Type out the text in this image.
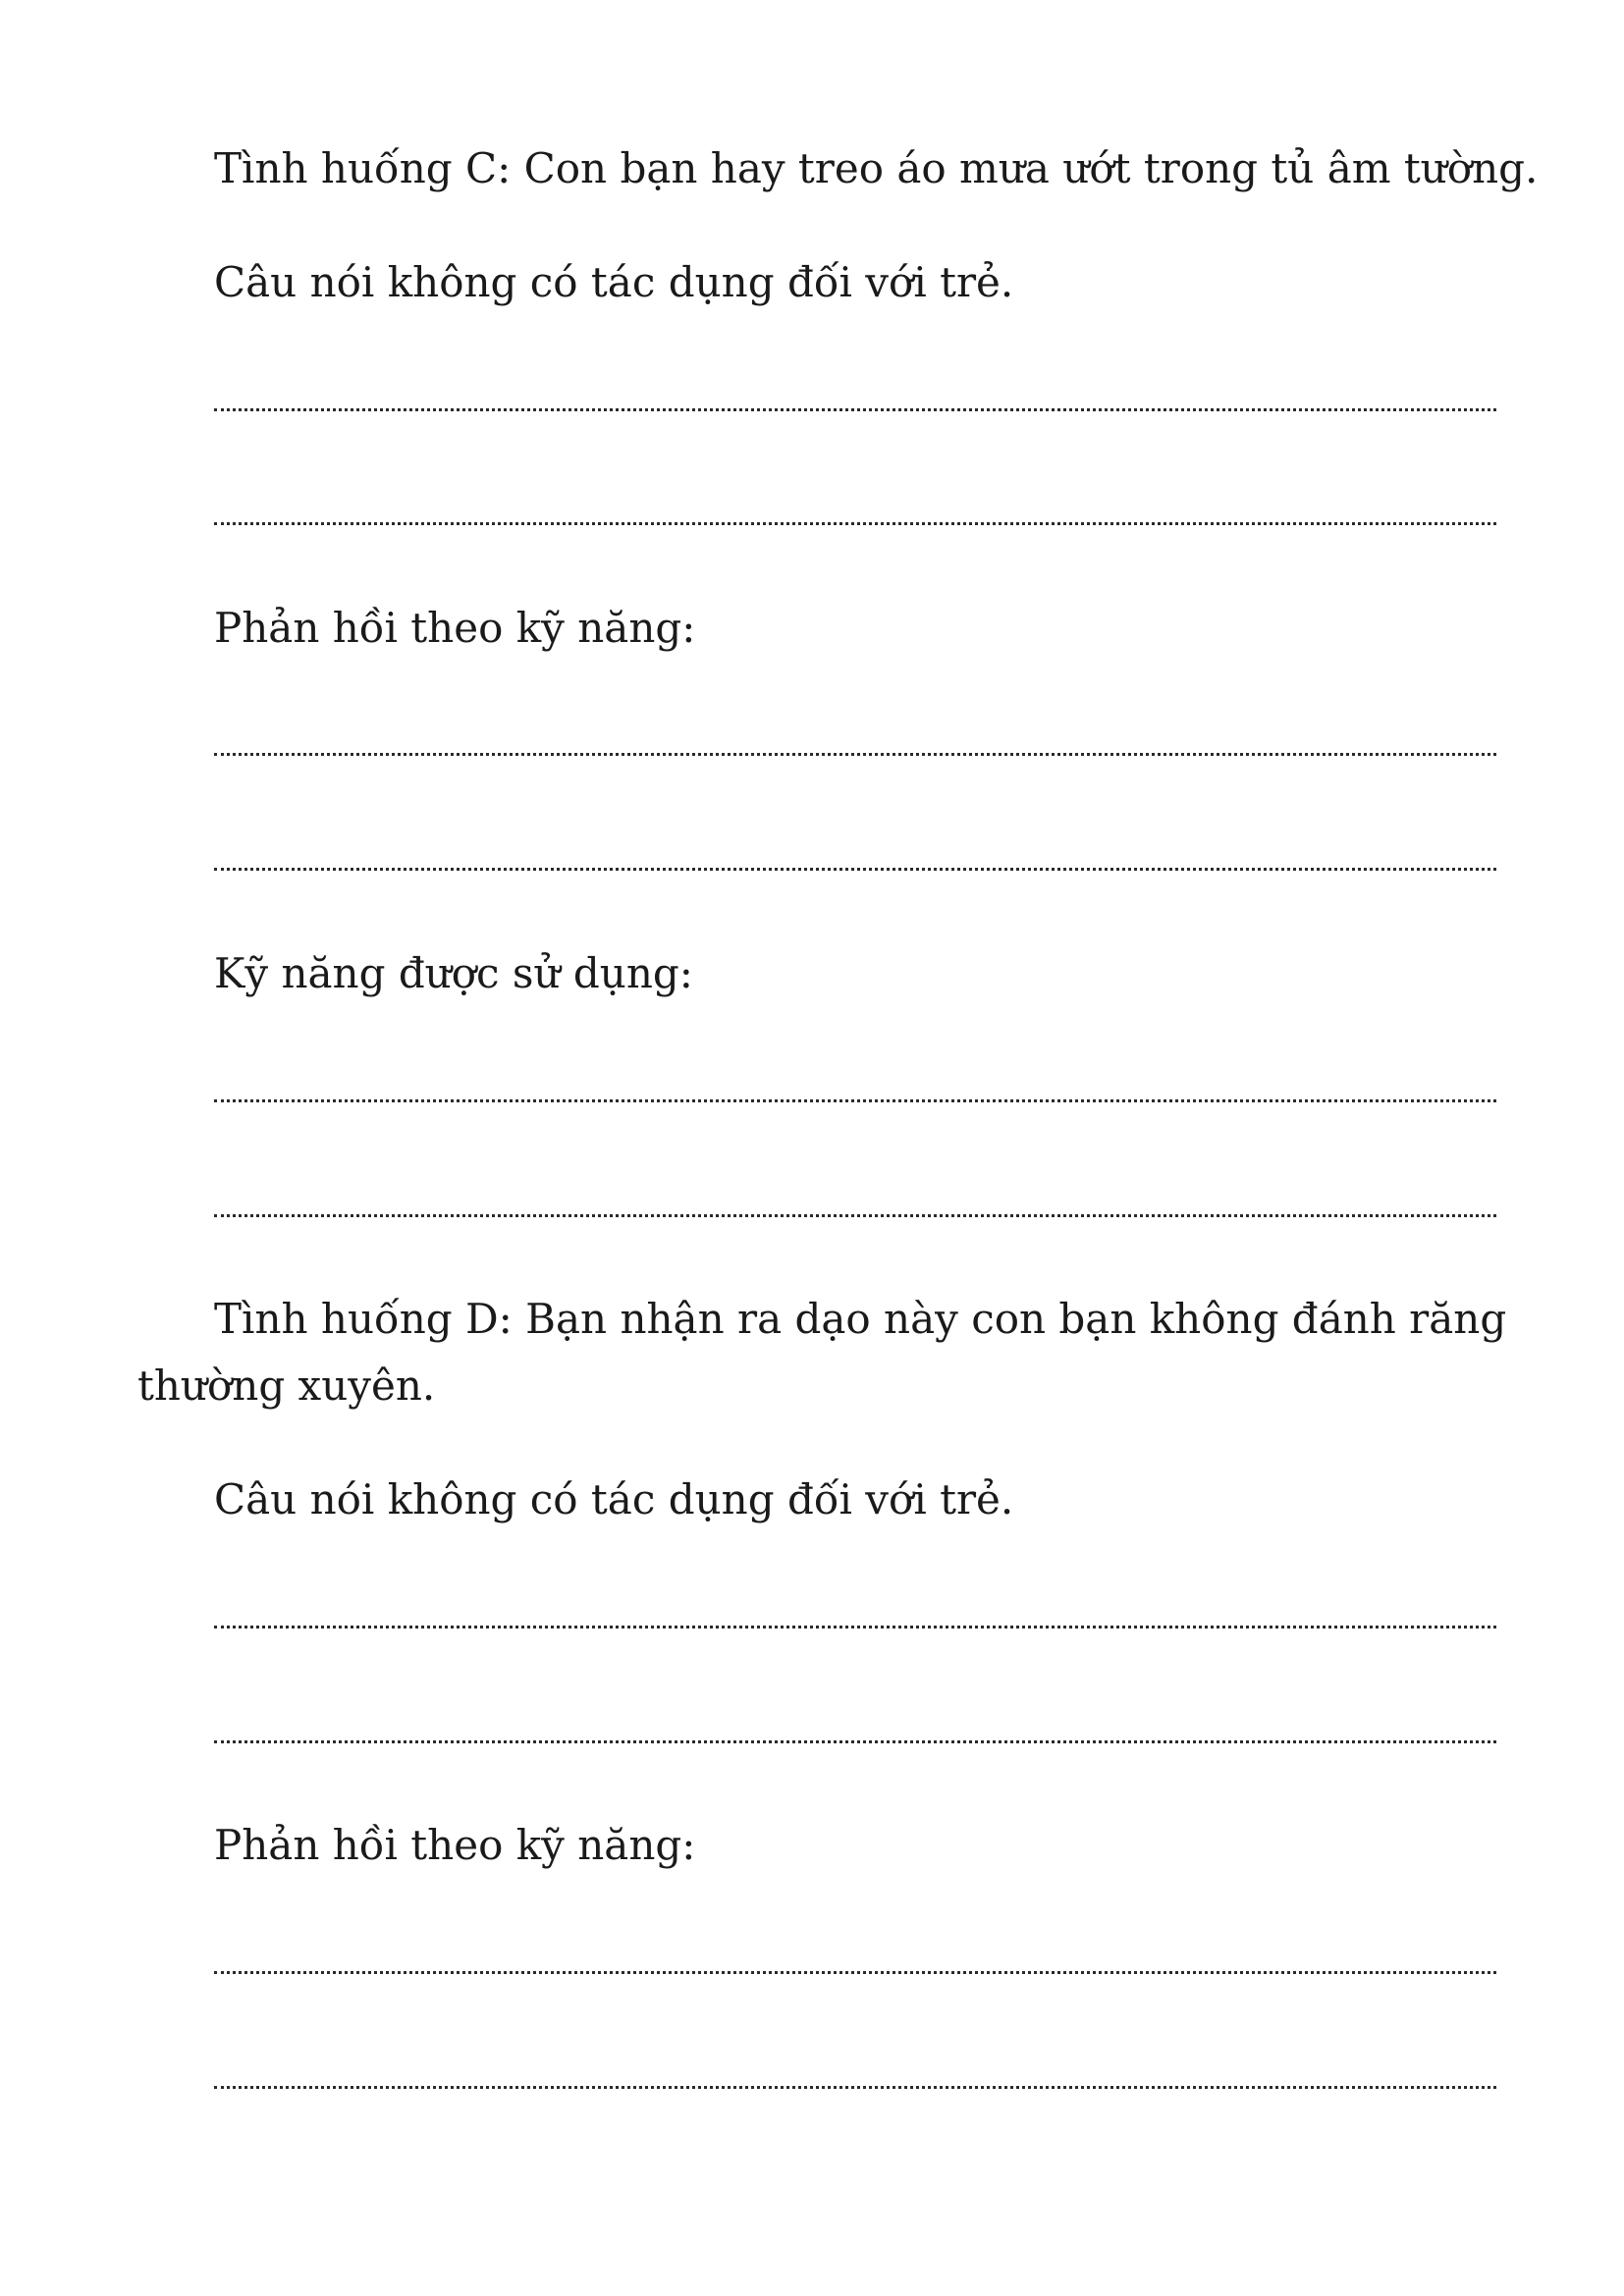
Tình huống C: Con bạn hay treo áo mưa ướt trong tủ âm tường.
Câu nói không có tác dụng đối với trẻ.
Phản hồi theo kỹ năng:
Kỹ năng được sử dụng:
Tình huống D: Bạn nhận ra dạo này con bạn không đánh răng
thường xuyên.
Câu nói không có tác dụng đối với trẻ.
Phản hồi theo kỹ năng:
